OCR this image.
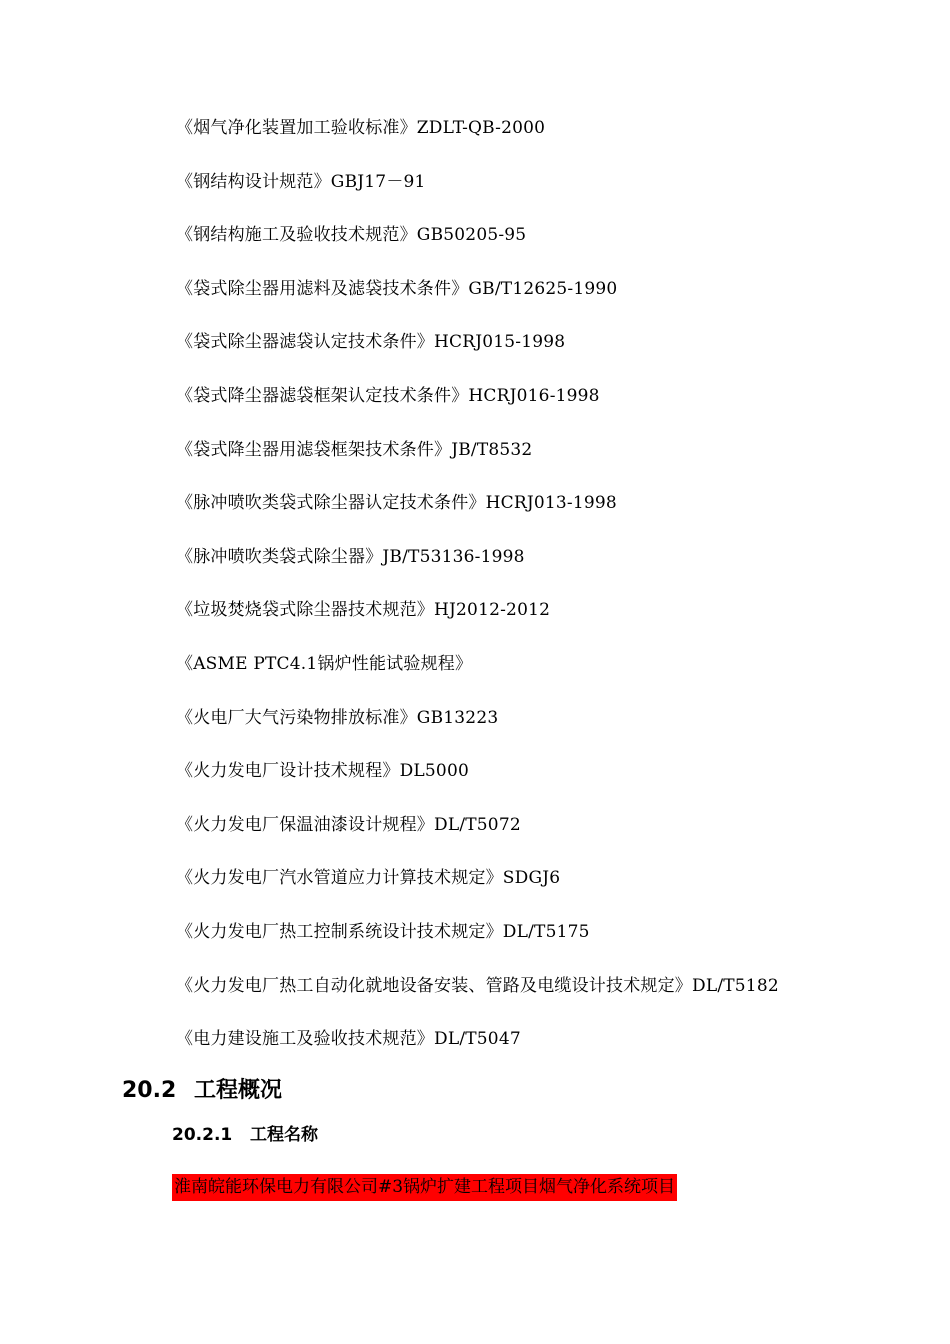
《烟气净化装置加工验收标准》ZDLT-QB-2000
《钢结构设计规范》GBJ17－91
《钢结构施工及验收技术规范》GB50205-95
《袋式除尘器用滤料及滤袋技术条件》GB/T12625-1990
《袋式除尘器滤袋认定技术条件》HCRJ015-1998
《袋式降尘器滤袋框架认定技术条件》HCRJ016-1998
《袋式降尘器用滤袋框架技术条件》JB/T8532
《脉冲喷吹类袋式除尘器认定技术条件》HCRJ013-1998
《脉冲喷吹类袋式除尘器》JB/T53136-1998
《垃圾焚烧袋式除尘器技术规范》HJ2012-2012
《ASME PTC4.1锅炉性能试验规程》
《火电厂大气污染物排放标准》GB13223
《火力发电厂设计技术规程》DL5000
《火力发电厂保温油漆设计规程》DL/T5072
《火力发电厂汽水管道应力计算技术规定》SDGJ6
《火力发电厂热工控制系统设计技术规定》DL/T5175
《火力发电厂热工自动化就地设备安装、管路及电缆设计技术规定》DL/T5182
《电力建设施工及验收技术规范》DL/T5047
20.2 工程概况
20.2.1 工程名称
淮南皖能环保电力有限公司#3锅炉扩建工程项目烟气净化系统项目
